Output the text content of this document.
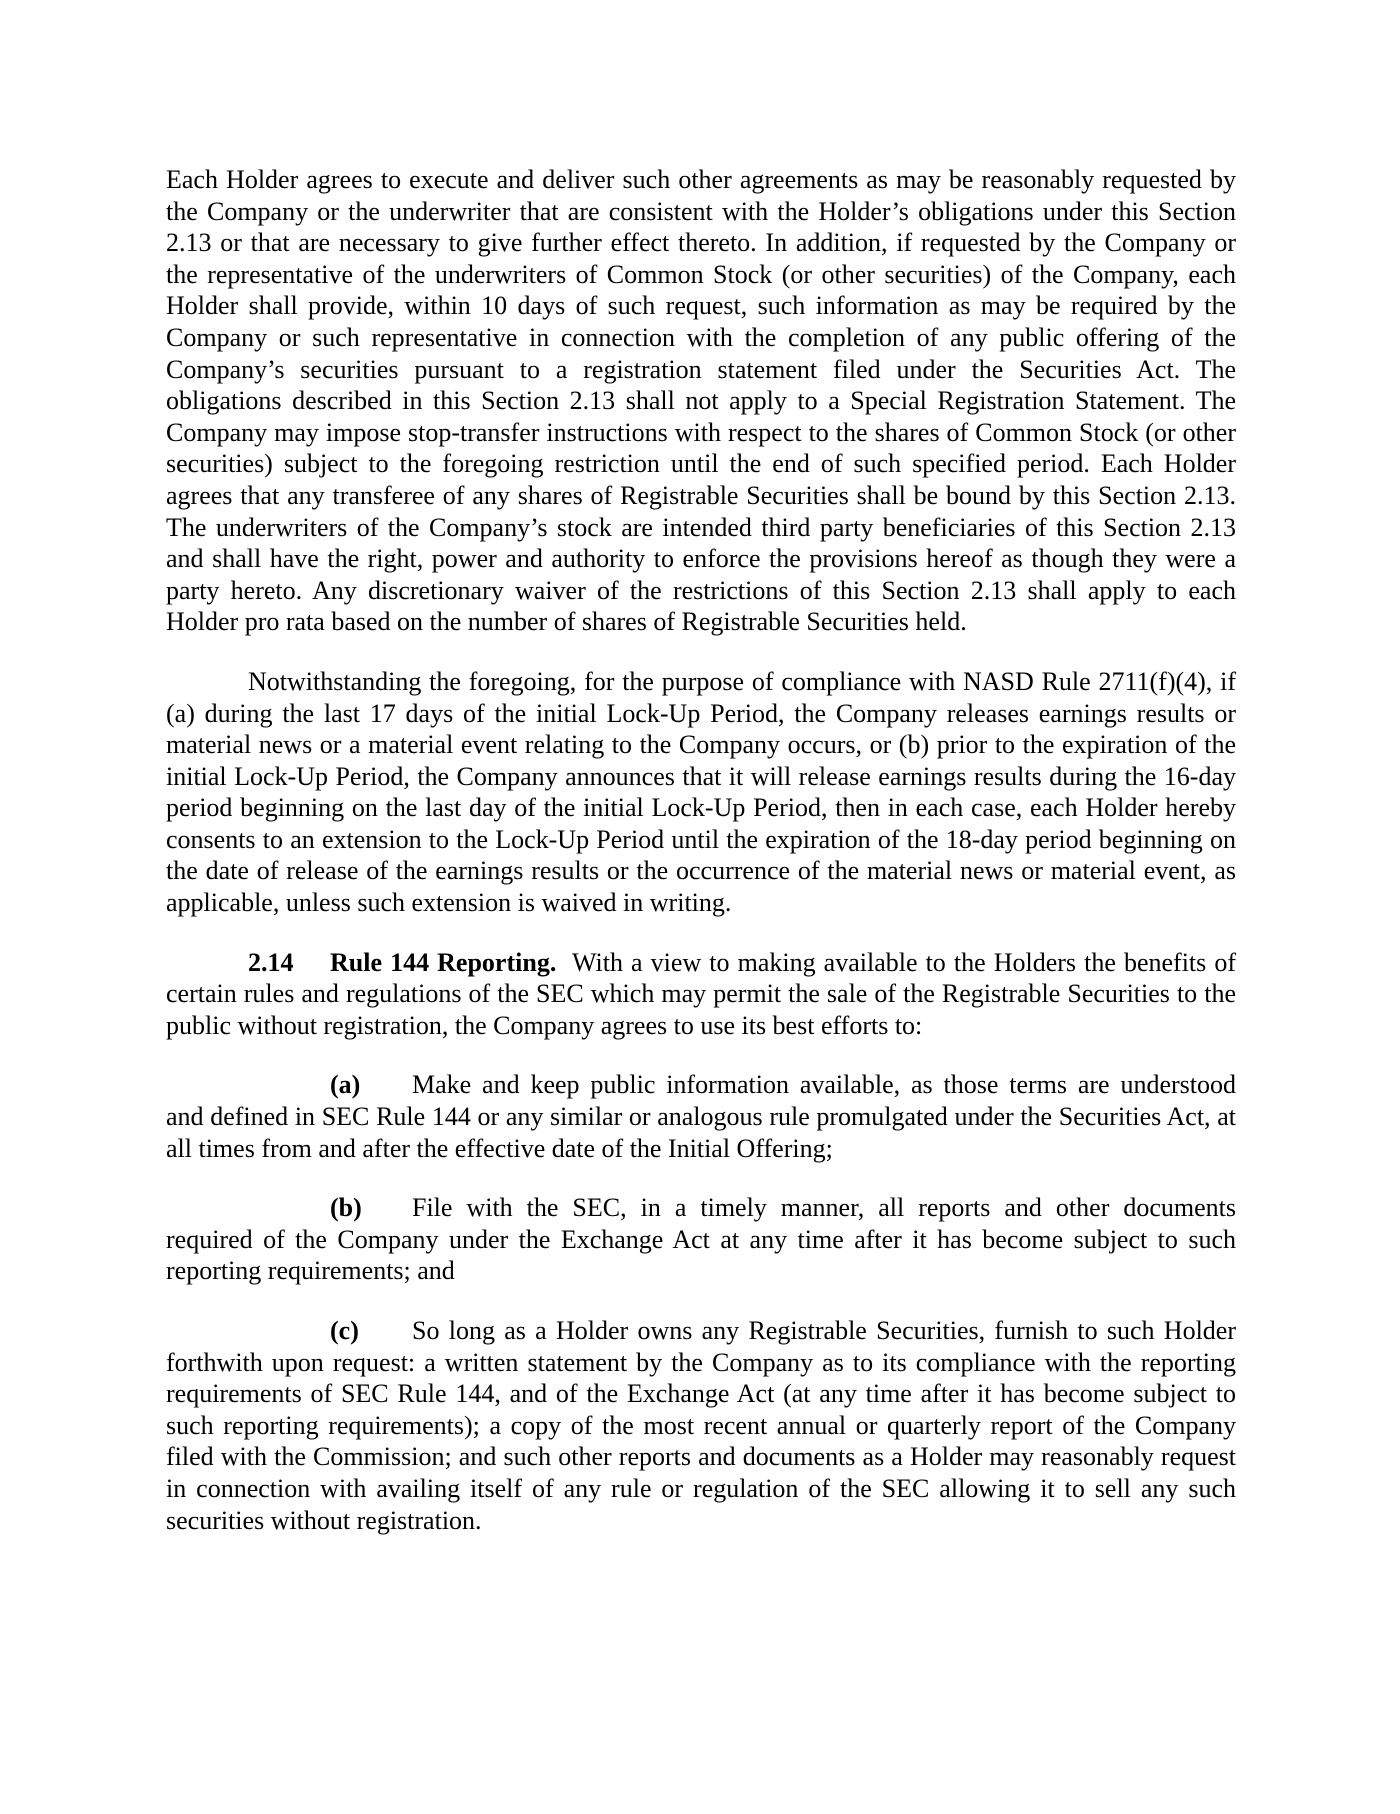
Each Holder agrees to execute and deliver such other agreements as may be reasonably requested by the Company or the underwriter that are consistent with the Holder’s obligations under this Section 2.13 or that are necessary to give further effect thereto. In addition, if requested by the Company or the representative of the underwriters of Common Stock (or other securities) of the Company, each Holder shall provide, within 10 days of such request, such information as may be required by the Company or such representative in connection with the completion of any public offering of the Company’s securities pursuant to a registration statement filed under the Securities Act. The obligations described in this Section 2.13 shall not apply to a Special Registration Statement. The Company may impose stop-transfer instructions with respect to the shares of Common Stock (or other securities) subject to the foregoing restriction until the end of such specified period. Each Holder agrees that any transferee of any shares of Registrable Securities shall be bound by this Section 2.13. The underwriters of the Company’s stock are intended third party beneficiaries of this Section 2.13 and shall have the right, power and authority to enforce the provisions hereof as though they were a party hereto. Any discretionary waiver of the restrictions of this Section 2.13 shall apply to each Holder pro rata based on the number of shares of Registrable Securities held.

Notwithstanding the foregoing, for the purpose of compliance with NASD Rule 2711(f)(4), if (a) during the last 17 days of the initial Lock-Up Period, the Company releases earnings results or material news or a material event relating to the Company occurs, or (b) prior to the expiration of the initial Lock-Up Period, the Company announces that it will release earnings results during the 16-day period beginning on the last day of the initial Lock-Up Period, then in each case, each Holder hereby consents to an extension to the Lock-Up Period until the expiration of the 18-day period beginning on the date of release of the earnings results or the occurrence of the material news or material event, as applicable, unless such extension is waived in writing.

2.14 Rule 144 Reporting. With a view to making available to the Holders the benefits of certain rules and regulations of the SEC which may permit the sale of the Registrable Securities to the public without registration, the Company agrees to use its best efforts to:

(a) Make and keep public information available, as those terms are understood and defined in SEC Rule 144 or any similar or analogous rule promulgated under the Securities Act, at all times from and after the effective date of the Initial Offering;

(b) File with the SEC, in a timely manner, all reports and other documents required of the Company under the Exchange Act at any time after it has become subject to such reporting requirements; and

(c) So long as a Holder owns any Registrable Securities, furnish to such Holder forthwith upon request: a written statement by the Company as to its compliance with the reporting requirements of SEC Rule 144, and of the Exchange Act (at any time after it has become subject to such reporting requirements); a copy of the most recent annual or quarterly report of the Company filed with the Commission; and such other reports and documents as a Holder may reasonably request in connection with availing itself of any rule or regulation of the SEC allowing it to sell any such securities without registration.
